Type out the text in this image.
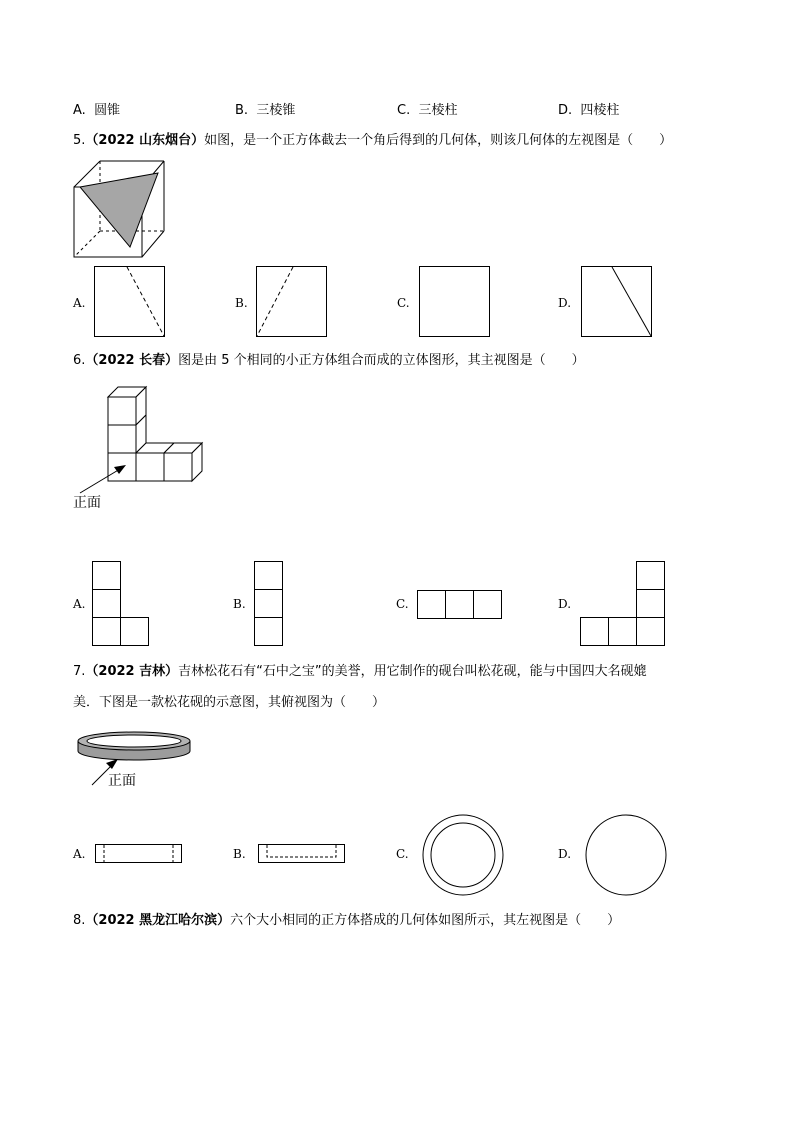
A. 圆锥	B. 三棱锥	C. 三棱柱	D. 四棱柱
5.（2022 山东烟台）如图，是一个正方体截去一个角后得到的几何体，则该几何体的左视图是（　　）
A.	B.	C.	D.
6.（2022 长春）图是由 5 个相同的小正方体组合而成的立体图形，其主视图是（　　）
正面
A.	B.	C.	D.
7.（2022 吉林）吉林松花石有“石中之宝”的美誉，用它制作的砚台叫松花砚，能与中国四大名砚媲
美．下图是一款松花砚的示意图，其俯视图为（　　）
正面
A.	B.	C.	D.
8.（2022 黑龙江哈尔滨）六个大小相同的正方体搭成的几何体如图所示，其左视图是（　　）
